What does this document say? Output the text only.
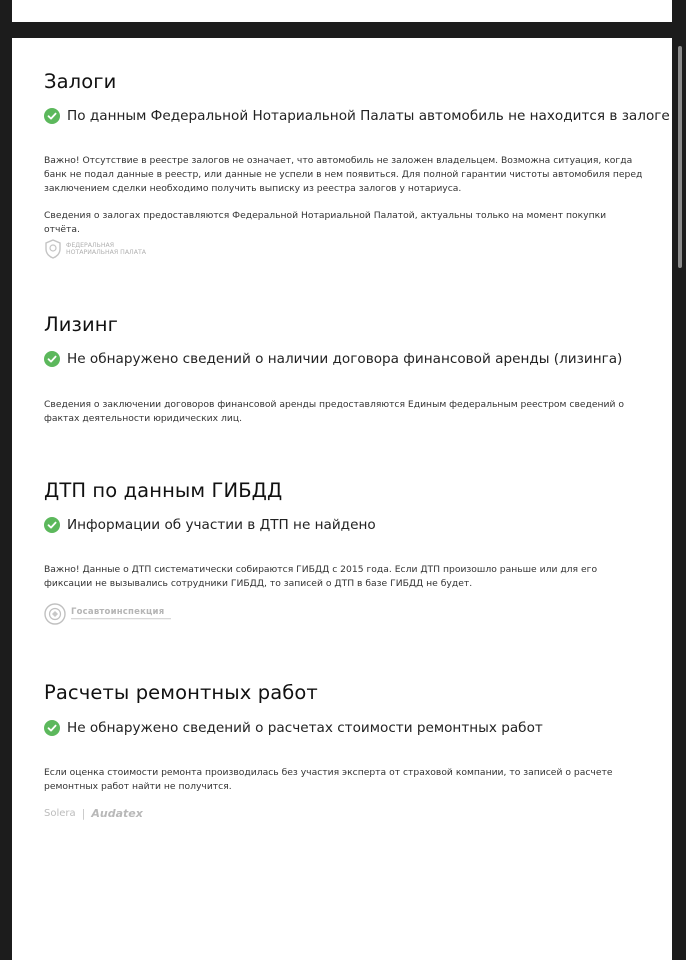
Залоги
По данным Федеральной Нотариальной Палаты автомобиль не находится в залоге

Важно! Отсутствие в реестре залогов не означает, что автомобиль не заложен владельцем. Возможна ситуация, когда банк не подал данные в реестр, или данные не успели в нем появиться. Для полной гарантии чистоты автомобиля перед заключением сделки необходимо получить выписку из реестра залогов у нотариуса.

Сведения о залогах предоставляются Федеральной Нотариальной Палатой, актуальны только на момент покупки отчёта.

ФЕДЕРАЛЬНАЯ
НОТАРИАЛЬНАЯ ПАЛАТА
Лизинг
Не обнаружено сведений о наличии договора финансовой аренды (лизинга)

Сведения о заключении договоров финансовой аренды предоставляются Единым федеральным реестром сведений о фактах деятельности юридических лиц.

ДТП по данным ГИБДД
Информации об участии в ДТП не найдено

Важно! Данные о ДТП систематически собираются ГИБДД с 2015 года. Если ДТП произошло раньше или для его фиксации не вызывались сотрудники ГИБДД, то записей о ДТП в базе ГИБДД не будет.

Госавтоинспекция
Расчеты ремонтных работ
Не обнаружено сведений о расчетах стоимости ремонтных работ

Если оценка стоимости ремонта производилась без участия эксперта от страховой компании, то записей о расчете ремонтных работ найти не получится.

Solera | Audatex
Avito
